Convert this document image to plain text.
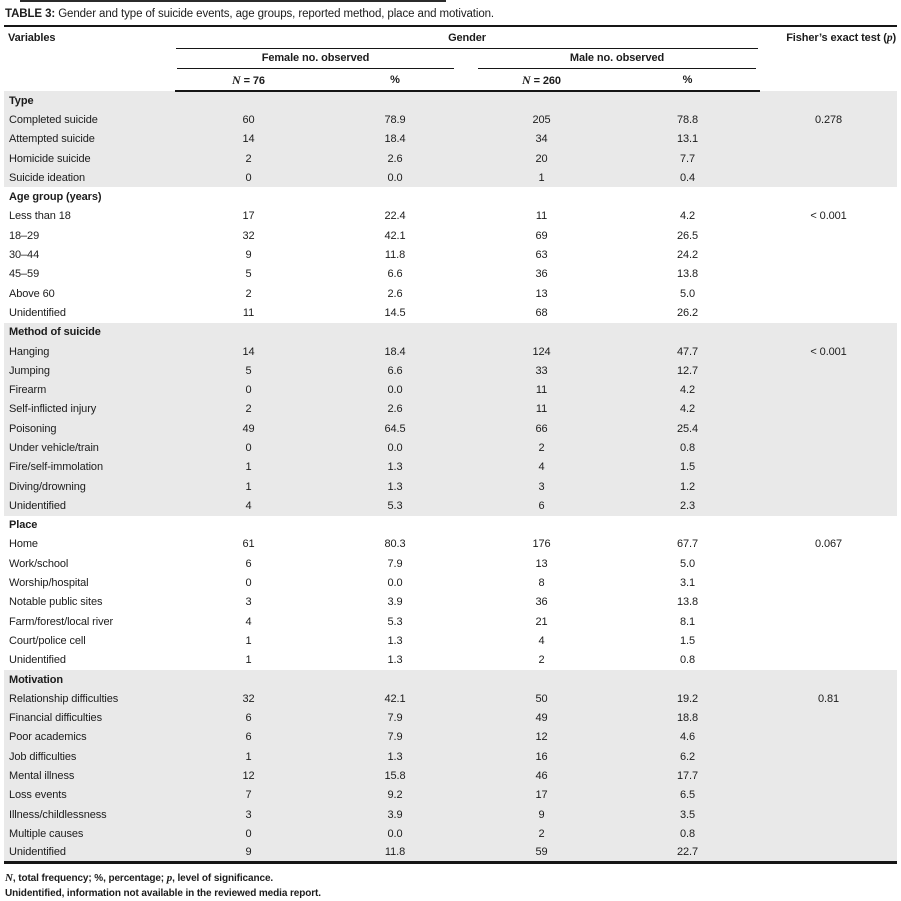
TABLE 3: Gender and type of suicide events, age groups, reported method, place and motivation.
Variables	Gender				Fisher’s exact test (p)

	Female no. observed		Male no. observed		

	N = 76	%	N = 260	%	
Type					
Completed suicide	60	78.9	205	78.8	0.278
Attempted suicide	14	18.4	34	13.1	
Homicide suicide	2	2.6	20	7.7	
Suicide ideation	0	0.0	1	0.4	
Age group (years)					
Less than 18	17	22.4	11	4.2	< 0.001
18–29	32	42.1	69	26.5	
30–44	9	11.8	63	24.2	
45–59	5	6.6	36	13.8	
Above 60	2	2.6	13	5.0	
Unidentified	11	14.5	68	26.2	
Method of suicide					
Hanging	14	18.4	124	47.7	< 0.001
Jumping	5	6.6	33	12.7	
Firearm	0	0.0	11	4.2	
Self-inflicted injury	2	2.6	11	4.2	
Poisoning	49	64.5	66	25.4	
Under vehicle/train	0	0.0	2	0.8	
Fire/self-immolation	1	1.3	4	1.5	
Diving/drowning	1	1.3	3	1.2	
Unidentified	4	5.3	6	2.3	
Place					
Home	61	80.3	176	67.7	0.067
Work/school	6	7.9	13	5.0	
Worship/hospital	0	0.0	8	3.1	
Notable public sites	3	3.9	36	13.8	
Farm/forest/local river	4	5.3	21	8.1	
Court/police cell	1	1.3	4	1.5	
Unidentified	1	1.3	2	0.8	
Motivation					
Relationship difficulties	32	42.1	50	19.2	0.81
Financial difficulties	6	7.9	49	18.8	
Poor academics	6	7.9	12	4.6	
Job difficulties	1	1.3	16	6.2	
Mental illness	12	15.8	46	17.7	
Loss events	7	9.2	17	6.5	
Illness/childlessness	3	3.9	9	3.5	
Multiple causes	0	0.0	2	0.8	
Unidentified	9	11.8	59	22.7	
N, total frequency; %, percentage; p, level of significance.
Unidentified, information not available in the reviewed media report.
